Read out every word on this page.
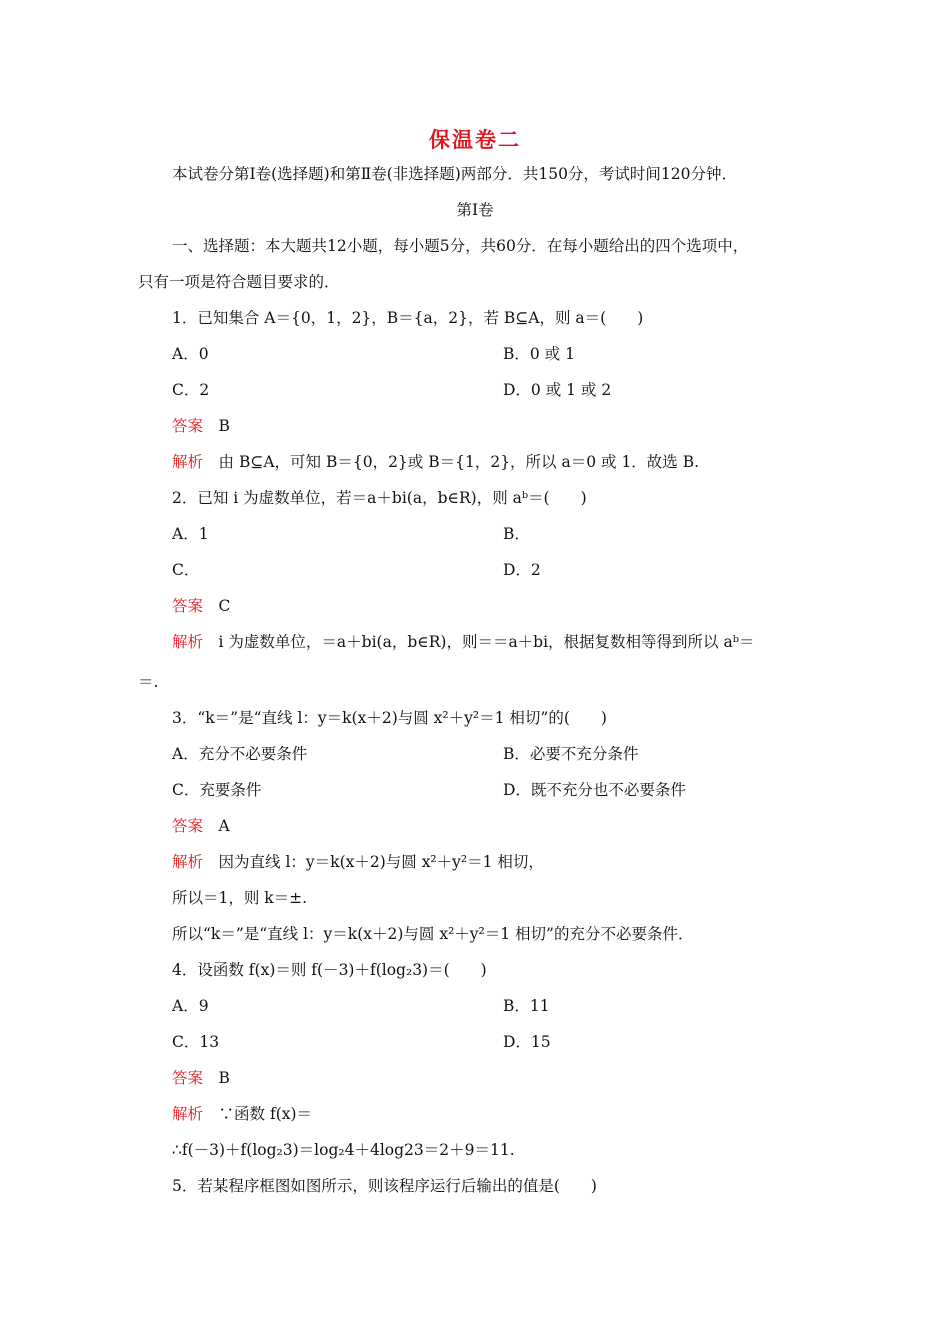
保温卷二
本试卷分第Ⅰ卷(选择题)和第Ⅱ卷(非选择题)两部分．共150分，考试时间120分钟．
第Ⅰ卷
一、选择题：本大题共12小题，每小题5分，共60分．在每小题给出的四个选项中，
只有一项是符合题目要求的．
1．已知集合 A＝{0，1，2}，B＝{a，2}，若 B⊆A，则 a＝(　　)
A．0	B．0 或 1
C．2	D．0 或 1 或 2
答案　 B
解析　 由 B⊆A，可知 B＝{0，2}或 B＝{1，2}，所以 a＝0 或 1．故选 B.
2．已知 i 为虚数单位，若＝a＋bi(a，b∈R)，则 aᵇ＝(　　)
A．1	B．
C．	D．2
答案　 C
解析　 i 为虚数单位，＝a＋bi(a，b∈R)，则＝＝a＋bi，根据复数相等得到所以 aᵇ＝
＝.
3．“k＝”是“直线 l：y＝k(x＋2)与圆 x²＋y²＝1 相切”的(　　)
A．充分不必要条件	B．必要不充分条件
C．充要条件	D．既不充分也不必要条件
答案　 A
解析　 因为直线 l：y＝k(x＋2)与圆 x²＋y²＝1 相切，
所以＝1，则 k＝±.
所以“k＝”是“直线 l：y＝k(x＋2)与圆 x²＋y²＝1 相切”的充分不必要条件．
4．设函数 f(x)＝则 f(－3)＋f(log₂3)＝(　　)
A．9	B．11
C．13	D．15
答案　 B
解析　 ∵函数 f(x)＝
∴f(－3)＋f(log₂3)＝log₂4＋4log23＝2＋9＝11.
5．若某程序框图如图所示，则该程序运行后输出的值是(　　)
